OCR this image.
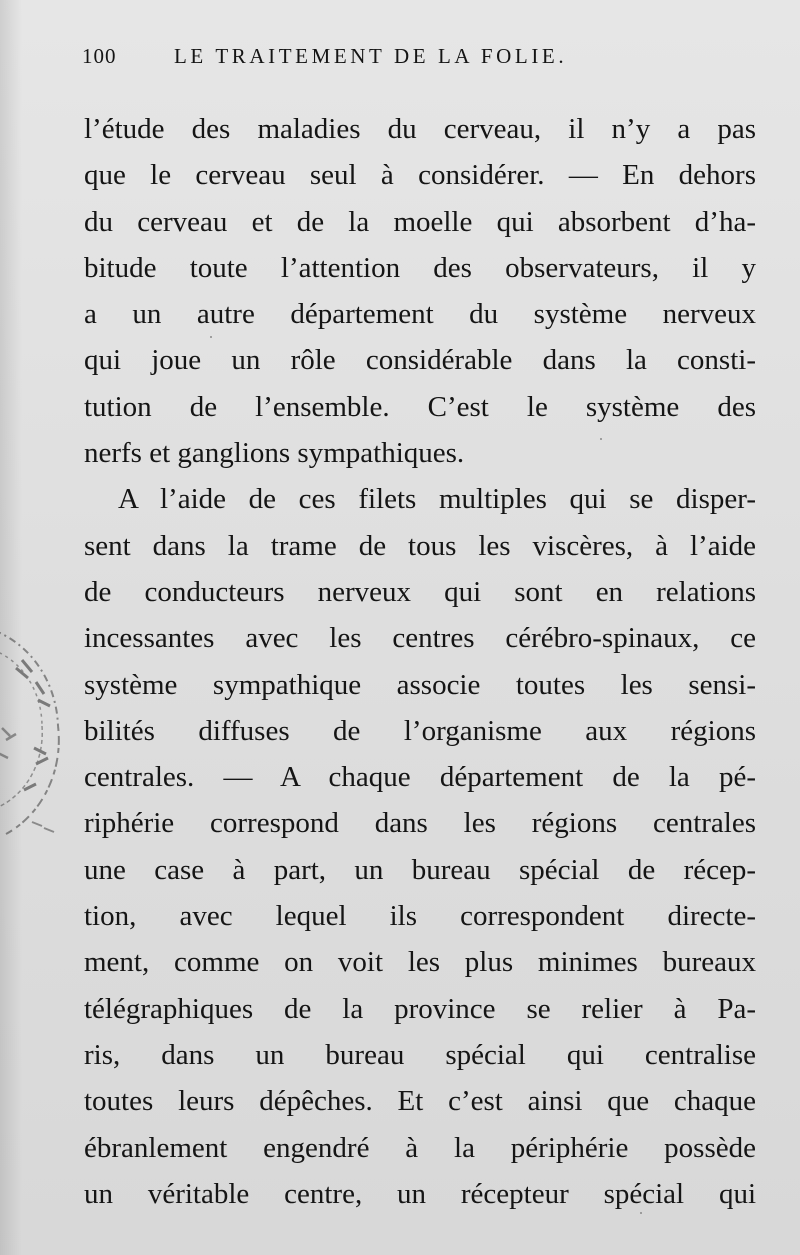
100	LE TRAITEMENT DE LA FOLIE.
l’étude des maladies du cerveau, il n’y a pas
que le cerveau seul à considérer. — En dehors
du cerveau et de la moelle qui absorbent d’ha-
bitude toute l’attention des observateurs, il y
a un autre département du système nerveux
qui joue un rôle considérable dans la consti-
tution de l’ensemble. C’est le système des
nerfs et ganglions sympathiques.
A l’aide de ces filets multiples qui se disper-
sent dans la trame de tous les viscères, à l’aide
de conducteurs nerveux qui sont en relations
incessantes avec les centres cérébro-spinaux, ce
système sympathique associe toutes les sensi-
bilités diffuses de l’organisme aux régions
centrales. — A chaque département de la pé-
riphérie correspond dans les régions centrales
une case à part, un bureau spécial de récep-
tion, avec lequel ils correspondent directe-
ment, comme on voit les plus minimes bureaux
télégraphiques de la province se relier à Pa-
ris, dans un bureau spécial qui centralise
toutes leurs dépêches. Et c’est ainsi que chaque
ébranlement engendré à la périphérie possède
un véritable centre, un récepteur spécial qui
